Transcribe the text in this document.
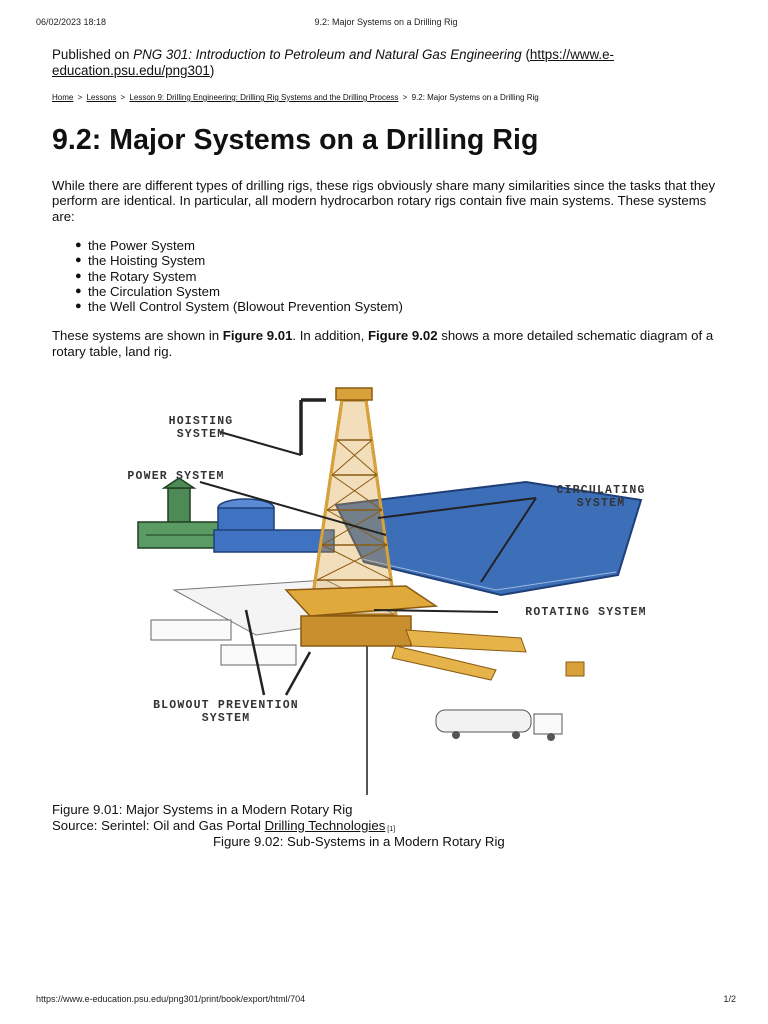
06/02/2023 18:18	9.2: Major Systems on a Drilling Rig
Published on PNG 301: Introduction to Petroleum and Natural Gas Engineering (https://www.e-education.psu.edu/png301)
Home > Lessons > Lesson 9: Drilling Engineering: Drilling Rig Systems and the Drilling Process > 9.2: Major Systems on a Drilling Rig
9.2: Major Systems on a Drilling Rig

While there are different types of drilling rigs, these rigs obviously share many similarities since the tasks that they perform are identical. In particular, all modern hydrocarbon rotary rigs contain five main systems. These systems are:

● the Power System
● the Hoisting System
● the Rotary System
● the Circulation System
● the Well Control System (Blowout Prevention System)

These systems are shown in Figure 9.01. In addition, Figure 9.02 shows a more detailed schematic diagram of a rotary table, land rig.

HOISTING
SYSTEM
POWER SYSTEM
CIRCULATING
SYSTEM
ROTATING SYSTEM
BLOWOUT PREVENTION
SYSTEM
Figure 9.01: Major Systems in a Modern Rotary Rig
Source: Serintel: Oil and Gas Portal Drilling Technologies [1]
Figure 9.02: Sub-Systems in a Modern Rotary Rig
https://www.e-education.psu.edu/png301/print/book/export/html/704	1/2
